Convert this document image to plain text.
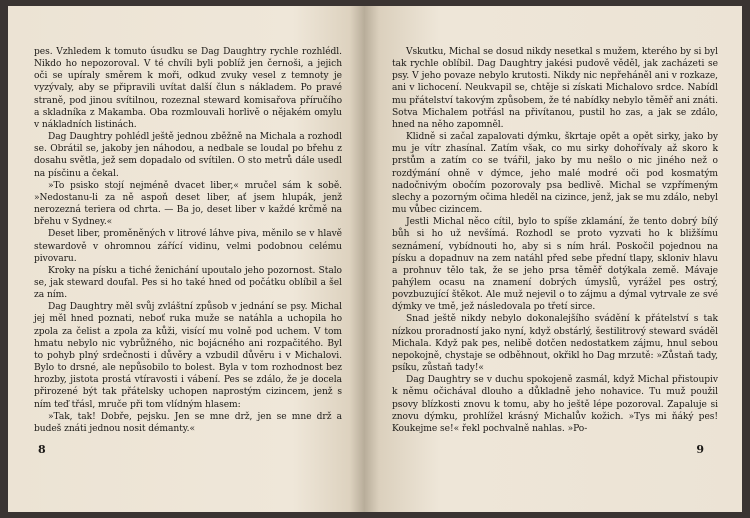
pes. Vzhledem k tomuto úsudku se Dag Daughtry rychle rozhlédl. Nikdo ho nepozoroval. V té chvíli byli poblíž jen černoši, a jejich oči se upíraly směrem k moři, odkud zvuky vesel z temnoty je vyzývaly, aby se připravili uvítat další člun s nákladem. Po pravé straně, pod jinou svítilnou, rozeznal steward komisařova příručího a skladníka z Makamba. Oba rozmlouvali horlivě o nějakém omylu v nákladních listinách.

Dag Daughtry pohlédl ještě jednou zběžně na Michala a rozhodl se. Obrátil se, jakoby jen náhodou, a nedbale se loudal po břehu z dosahu světla, jež sem dopadalo od svítilen. O sto metrů dále usedl na písčinu a čekal.

»To psisko stojí nejméně dvacet liber,« mručel sám k sobě. »Nedostanu-li za ně aspoň deset liber, ať jsem hlupák, jenž nerozezná teriera od chrta. — Ba jo, deset liber v každé krčmě na břehu v Sydney.«

Deset liber, proměněných v litrové láhve piva, měnilo se v hlavě stewardově v ohromnou zářící vidinu, velmi podobnou celému pivovaru.

Kroky na písku a tiché ženichání upoutalo jeho pozornost. Stalo se, jak steward doufal. Pes si ho také hned od počátku oblíbil a šel za ním.

Dag Daughtry měl svůj zvláštní způsob v jednání se psy. Michal jej měl hned poznati, neboť ruka muže se natáhla a uchopila ho zpola za čelist a zpola za kůži, visící mu volně pod uchem. V tom hmatu nebylo nic vybrůžného, nic bojácného ani rozpačitého. Byl to pohyb plný srdečnosti i důvěry a vzbudil důvěru i v Michalovi. Bylo to drsné, ale nepůsobilo to bolest. Byla v tom rozhodnost bez hrozby, jistota prostá vtíravosti i vábení. Pes se zdálo, že je docela přirozené být tak přátelsky uchopen naprostým cizincem, jenž s ním teď třásl, mruče při tom vlídným hlasem:

»Tak, tak! Dobře, pejsku. Jen se mne drž, jen se mne drž a budeš znáti jednou nosit démanty.«

8

Vskutku, Michal se dosud nikdy nesetkal s mužem, kterého by si byl tak rychle oblíbil. Dag Daughtry jakési pudově věděl, jak zacházeti se psy. V jeho povaze nebylo krutosti. Nikdy nic nepřeháněl ani v rozkaze, ani v lichocení. Neukvapil se, chtěje si získati Michalovo srdce. Nabídl mu přátelství takovým způsobem, že té nabídky nebylo těměř ani znáti. Sotva Michalem potřásl na přivítanou, pustil ho zas, a jak se zdálo, hned na něho zapomněl.

Klidně si začal zapalovati dýmku, škrtaje opět a opět sirky, jako by mu je vítr zhasínal. Zatím však, co mu sirky dohořívaly až skoro k prstům a zatím co se tvářil, jako by mu nešlo o nic jiného než o rozdýmání ohně v dýmce, jeho malé modré oči pod kosmatým nadočnivým obočím pozorovaly psa bedlivě. Michal se vzpřímeným slechy a pozorným očima hleděl na cizince, jenž, jak se mu zdálo, nebyl mu vůbec cizincem.

Jestli Michal něco cítil, bylo to spíše zklamání, že tento dobrý bílý bůh si ho už nevšímá. Rozhodl se proto vyzvati ho k bližšímu seznámení, vybídnouti ho, aby si s ním hrál. Poskočil pojednou na písku a dopadnuv na zem natáhl před sebe přední tlapy, skloniv hlavu a prohnuv tělo tak, že se jeho prsa těměř dotýkala země. Mávaje pahýlem ocasu na znamení dobrých úmyslů, vyrážel pes ostrý, povzbuzující štěkot. Ale muž nejevil o to zájmu a dýmal vytrvale ze své dýmky ve tmě, jež následovala po třetí sirce.

Snad ještě nikdy nebylo dokonalejšího svádění k přátelství s tak nízkou proradností jako nyní, když obstárlý, šestilitrový steward sváděl Michala. Když pak pes, nelibě dotčen nedostatkem zájmu, hnul sebou nepokojně, chystaje se odběhnout, okřikl ho Dag mrzutě: »Zůstaň tady, psíku, zůstaň tady!«

Dag Daughtry se v duchu spokojeně zasmál, když Michal přistoupiv k němu očichával dlouho a důkladně jeho nohavice. Tu muž použil psovy blízkosti znovu k tomu, aby ho ještě lépe pozoroval. Zapaluje si znovu dýmku, prohlížel krásný Michalův kožich. »Tys mi ňáký pes! Koukejme se!« řekl pochvalně nahlas. »Po-

9
